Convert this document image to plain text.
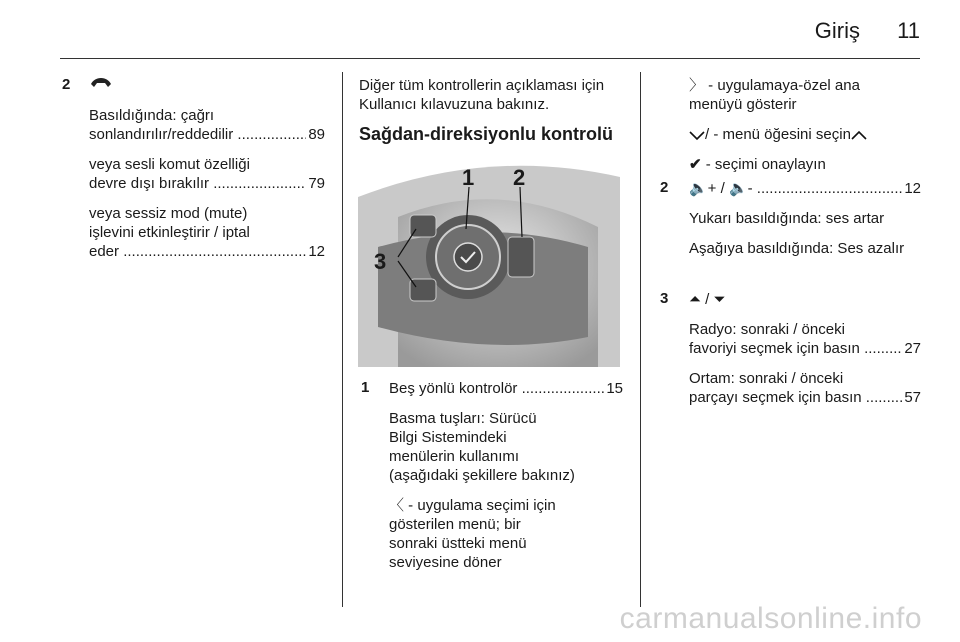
Giriş 11
2
Basıldığında: çağrı
sonlandırılır/reddedilir .....	89
veya sesli komut özelliği
devre dışı bırakılır .....	79
veya sessiz mod (mute)
işlevini etkinleştirir / iptal
eder .....	12
Diğer tüm kontrollerin açıklaması için
Kullanıcı kılavuzuna bakınız.
Sağdan-direksiyonlu kontrolü
1 2
3
1 Beş yönlü kontrolör .....	15
Basma tuşları: Sürücü
Bilgi Sistemindeki
menülerin kullanımı
(aşağıdaki şekillere bakınız)
〈 - uygulama seçimi için
gösterilen menü; bir
sonraki üstteki menü
seviyesine döner
〉 - uygulamaya-özel ana
menüyü gösterir
/ - menü öğesini seçin
✔ - seçimi onaylayın
2 🔈+ / 🔈- .....	12
Yukarı basıldığında: ses artar
Aşağıya basıldığında: Ses azalır
3 ⏶ / ⏷
Radyo: sonraki / önceki
favoriyi seçmek için basın .....	27
Ortam: sonraki / önceki
parçayı seçmek için basın .....	57
carmanualsonline.info
